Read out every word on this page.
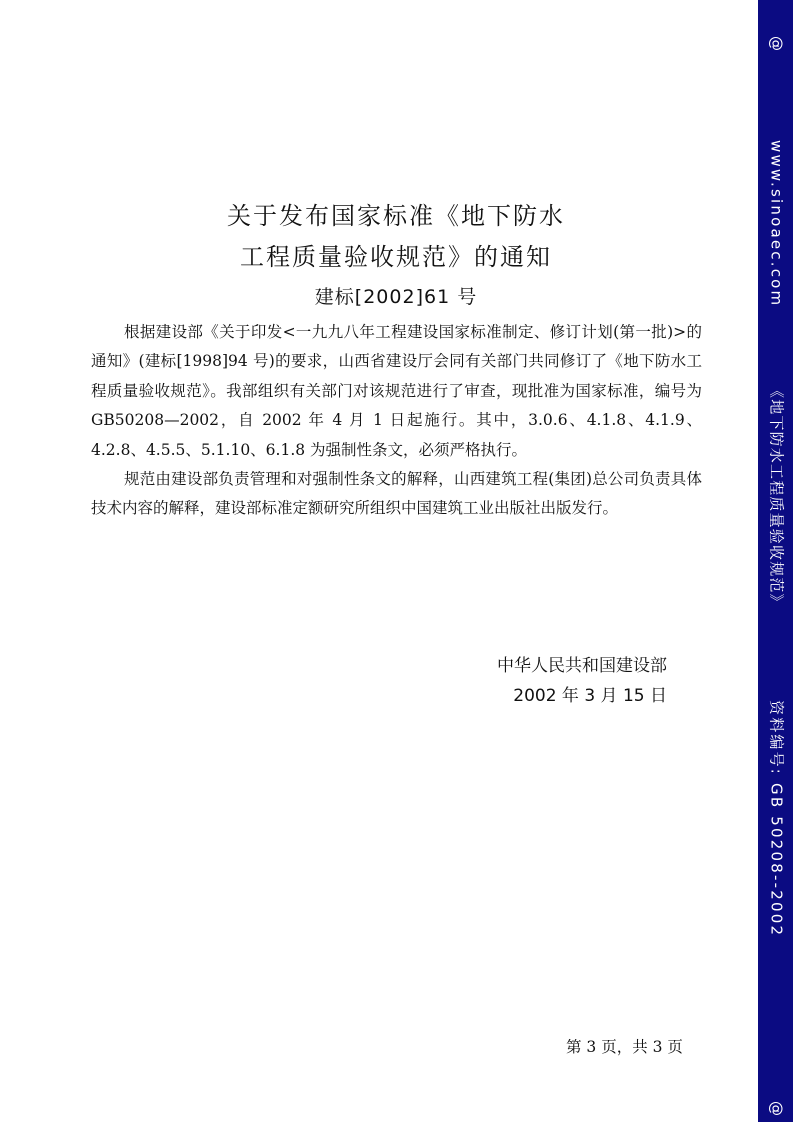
关于发布国家标准《地下防水
工程质量验收规范》的通知
建标[2002]61 号

根据建设部《关于印发<一九九八年工程建设国家标准制定、修订计划(第一批)>的通知》(建标[1998]94 号)的要求，山西省建设厅会同有关部门共同修订了《地下防水工程质量验收规范》。我部组织有关部门对该规范进行了审查，现批准为国家标准，编号为 GB50208—2002，自 2002 年 4 月 1 日起施行。其中，3.0.6、4.1.8、4.1.9、4.2.8、4.5.5、5.1.10、6.1.8 为强制性条文，必须严格执行。

规范由建设部负责管理和对强制性条文的解释，山西建筑工程(集团)总公司负责具体技术内容的解释，建设部标准定额研究所组织中国建筑工业出版社出版发行。

中华人民共和国建设部
2002 年 3 月 15 日
第 3 页，共 3 页
@
www.sinoaec.com
《地下防水工程质量验收规范》
资料编号: GB 50208--2002
@
